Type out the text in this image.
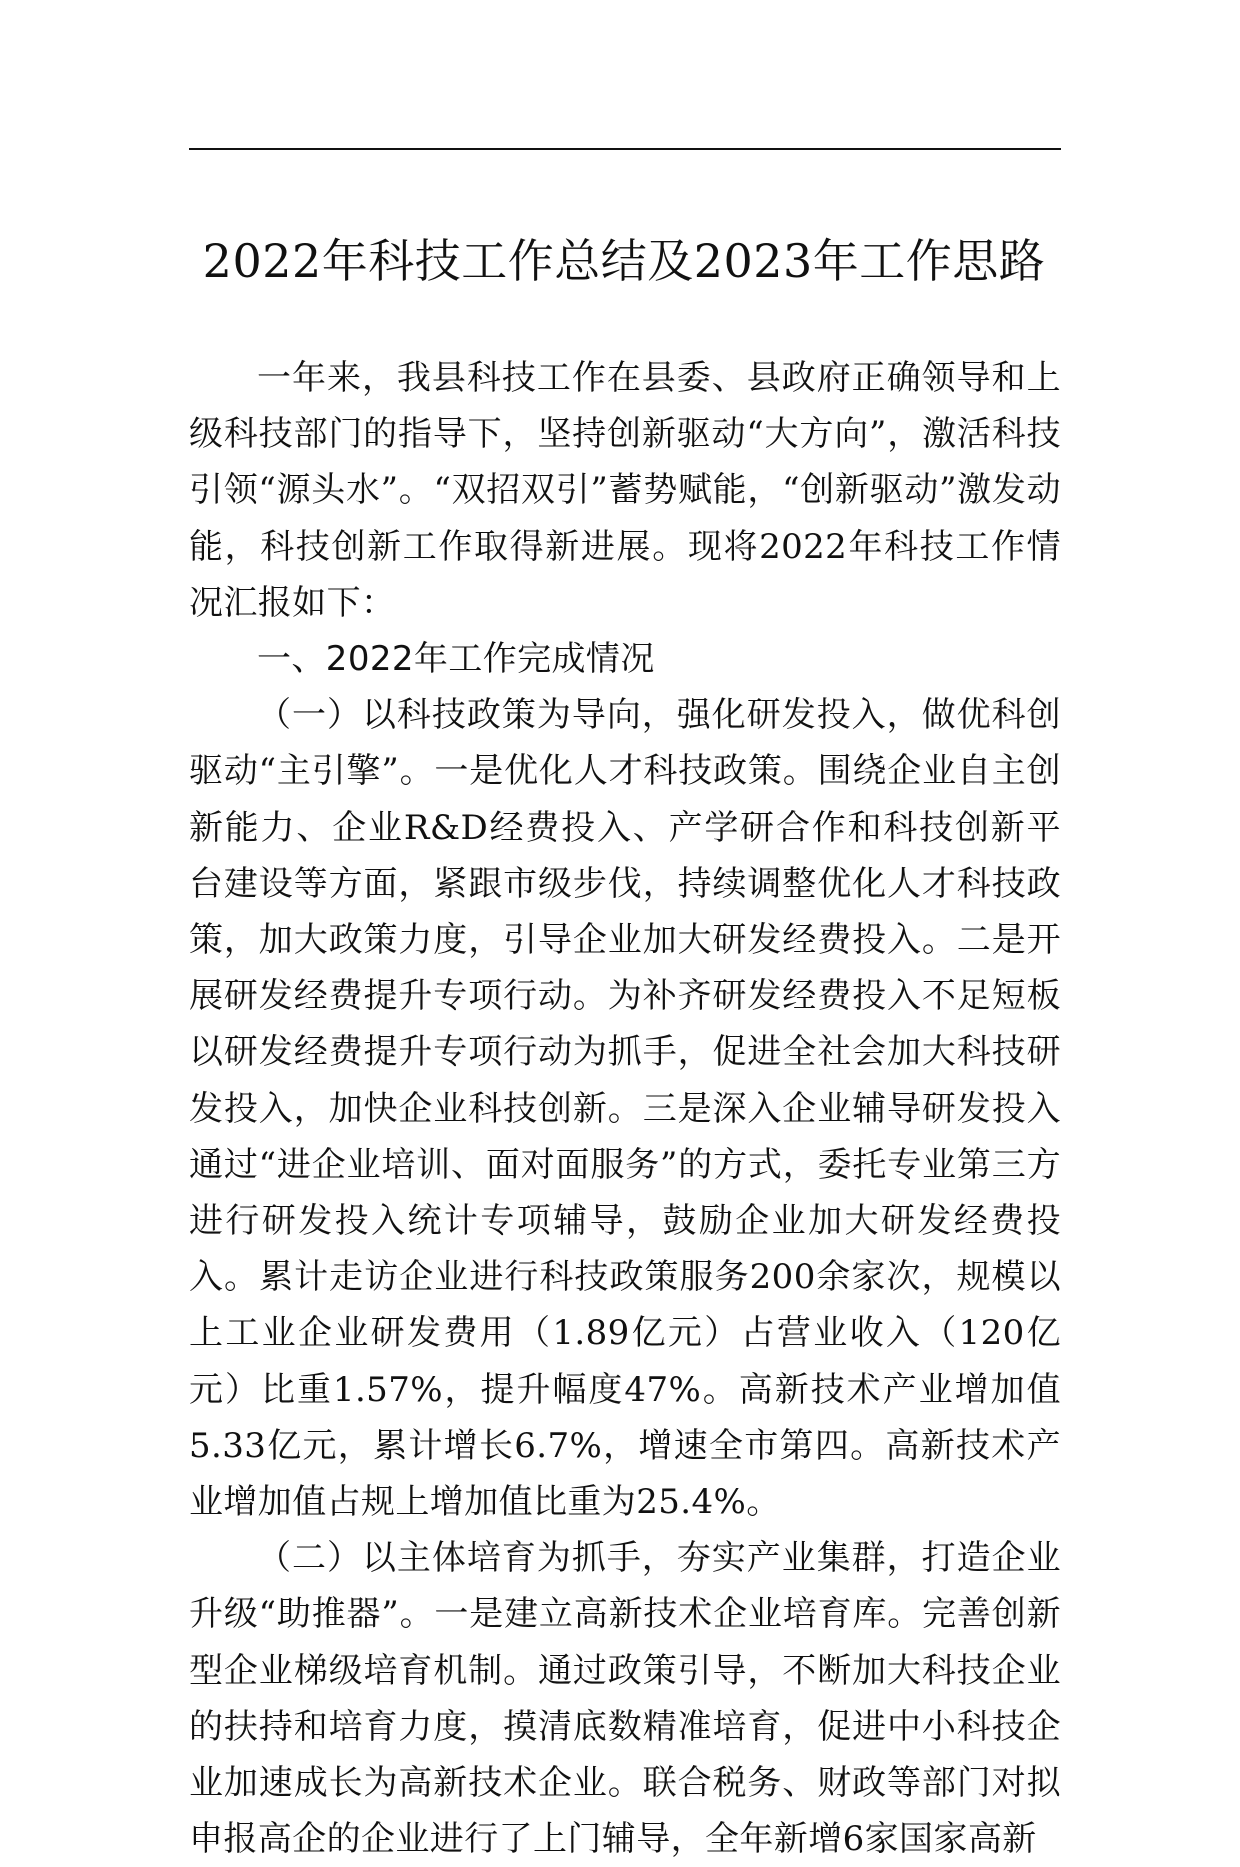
2022年科技工作总结及2023年工作思路

一年来，我县科技工作在县委、县政府正确领导和上级科技部门的指导下，坚持创新驱动“大方向”，激活科技引领“源头水”。“双招双引”蓄势赋能，“创新驱动”激发动能，科技创新工作取得新进展。现将2022年科技工作情况汇报如下：

一、2022年工作完成情况

（一）以科技政策为导向，强化研发投入，做优科创驱动“主引擎”。一是优化人才科技政策。围绕企业自主创新能力、企业R&D经费投入、产学研合作和科技创新平台建设等方面，紧跟市级步伐，持续调整优化人才科技政策，加大政策力度，引导企业加大研发经费投入。二是开展研发经费提升专项行动。为补齐研发经费投入不足短板以研发经费提升专项行动为抓手，促进全社会加大科技研发投入，加快企业科技创新。三是深入企业辅导研发投入通过“进企业培训、面对面服务”的方式，委托专业第三方进行研发投入统计专项辅导，鼓励企业加大研发经费投入。累计走访企业进行科技政策服务200余家次，规模以上工业企业研发费用（1.89亿元）占营业收入（120亿元）比重1.57%，提升幅度47%。高新技术产业增加值5.33亿元，累计增长6.7%，增速全市第四。高新技术产业增加值占规上增加值比重为25.4%。

（二）以主体培育为抓手，夯实产业集群，打造企业升级“助推器”。一是建立高新技术企业培育库。完善创新型企业梯级培育机制。通过政策引导，不断加大科技企业的扶持和培育力度，摸清底数精准培育，促进中小科技企业加速成长为高新技术企业。联合税务、财政等部门对拟申报高企的企业进行了上门辅导，全年新增6家国家高新
